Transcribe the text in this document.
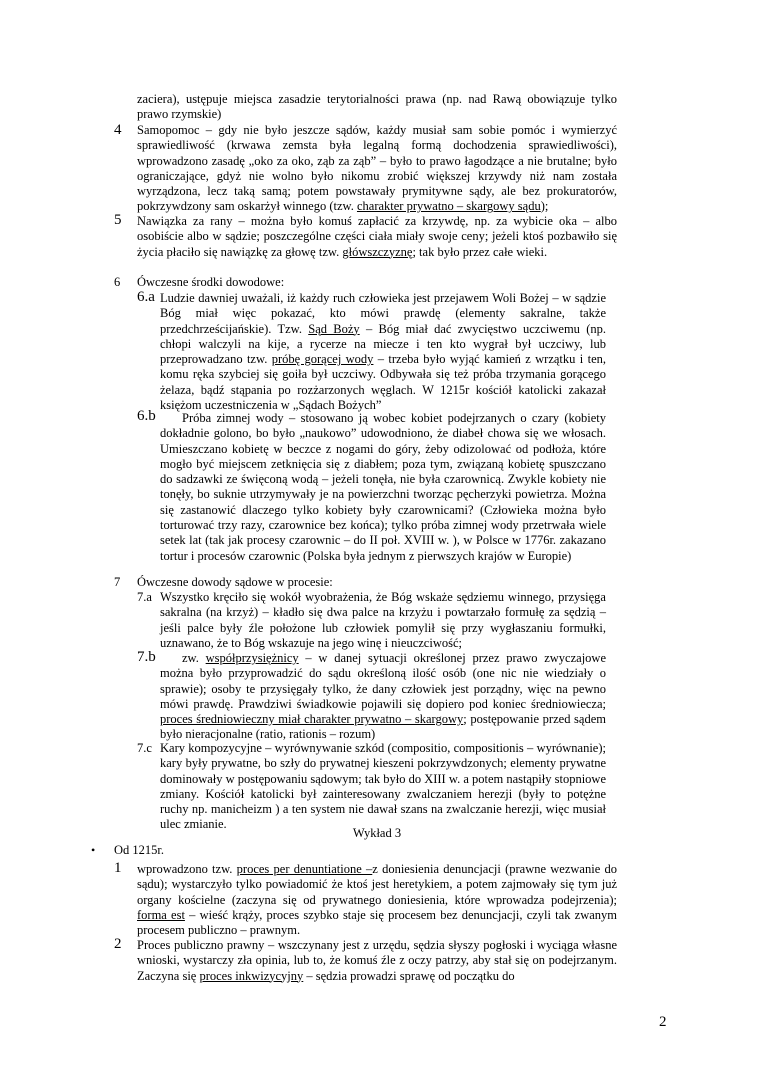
zaciera), ustępuje miejsca zasadzie terytorialności prawa (np. nad Rawą obowiązuje tylko prawo rzymskie)
4 Samopomoc – gdy nie było jeszcze sądów, każdy musiał sam sobie pomóc i wymierzyć sprawiedliwość (krwawa zemsta była legalną formą dochodzenia sprawiedliwości), wprowadzono zasadę „oko za oko, ząb za ząb” – było to prawo łagodzące a nie brutalne; było ograniczające, gdyż nie wolno było nikomu zrobić większej krzywdy niż nam została wyrządzona, lecz taką samą; potem powstawały prymitywne sądy, ale bez prokuratorów, pokrzywdzony sam oskarżył winnego (tzw. charakter prywatno – skargowy sądu);
5 Nawiązka za rany – można było komuś zapłacić za krzywdę, np. za wybicie oka – albo osobiście albo w sądzie; poszczególne części ciała miały swoje ceny; jeżeli ktoś pozbawiło się życia płaciło się nawiązkę za głowę tzw. główszczyznę; tak było przez całe wieki.
6 Ówczesne środki dowodowe:
6.a Ludzie dawniej uważali, iż każdy ruch człowieka jest przejawem Woli Bożej – w sądzie Bóg miał więc pokazać, kto mówi prawdę (elementy sakralne, także przedchrześcijańskie). Tzw. Sąd Boży – Bóg miał dać zwycięstwo uczciwemu (np. chłopi walczyli na kije, a rycerze na miecze i ten kto wygrał był uczciwy, lub przeprowadzano tzw. próbę gorącej wody – trzeba było wyjąć kamień z wrzątku i ten, komu ręka szybciej się goiła był uczciwy. Odbywała się też próba trzymania gorącego żelaza, bądź stąpania po rozżarzonych węglach. W 1215r kościół katolicki zakazał księżom uczestniczenia w „Sądach Bożych”
6.b	Próba zimnej wody – stosowano ją wobec kobiet podejrzanych o czary (kobiety dokładnie golono, bo było „naukowo” udowodniono, że diabeł chowa się we włosach. Umieszczano kobietę w beczce z nogami do góry, żeby odizolować od podłoża, które mogło być miejscem zetknięcia się z diabłem; poza tym, związaną kobietę spuszczano do sadzawki ze święconą wodą – jeżeli tonęła, nie była czarownicą. Zwykle kobiety nie tonęły, bo suknie utrzymywały je na powierzchni tworząc pęcherzyki powietrza. Można się zastanowić dlaczego tylko kobiety były czarownicami? (Człowieka można było torturować trzy razy, czarownice bez końca); tylko próba zimnej wody przetrwała wiele setek lat (tak jak procesy czarownic – do II poł. XVIII w. ), w Polsce w 1776r. zakazano tortur i procesów czarownic (Polska była jednym z pierwszych krajów w Europie)
7 Ówczesne dowody sądowe w procesie:
7.a Wszystko kręciło się wokół wyobrażenia, że Bóg wskaże sędziemu winnego, przysięga sakralna (na krzyż) – kładło się dwa palce na krzyżu i powtarzało formułę za sędzią – jeśli palce były źle położone lub człowiek pomylił się przy wygłaszaniu formułki, uznawano, że to Bóg wskazuje na jego winę i nieuczciwość;
7.b	zw. współprzysiężnicy – w danej sytuacji określonej przez prawo zwyczajowe można było przyprowadzić do sądu określoną ilość osób (one nic nie wiedziały o sprawie); osoby te przysięgały tylko, że dany człowiek jest porządny, więc na pewno mówi prawdę. Prawdziwi świadkowie pojawili się dopiero pod koniec średniowiecza; proces średniowieczny miał charakter prywatno – skargowy; postępowanie przed sądem było nieracjonalne (ratio, rationis – rozum)
7.c Kary kompozycyjne – wyrównywanie szkód (compositio, compositionis – wyrównanie); kary były prywatne, bo szły do prywatnej kieszeni pokrzywdzonych; elementy prywatne dominowały w postępowaniu sądowym; tak było do XIII w. a potem nastąpiły stopniowe zmiany. Kościół katolicki był zainteresowany zwalczaniem herezji (były to potężne ruchy np. manicheizm ) a ten system nie dawał szans na zwalczanie herezji, więc musiał ulec zmianie.
Wykład 3
• Od 1215r.
1 wprowadzono tzw. proces per denuntiatione –z doniesienia denuncjacji (prawne wezwanie do sądu); wystarczyło tylko powiadomić że ktoś jest heretykiem, a potem zajmowały się tym już organy kościelne (zaczyna się od prywatnego doniesienia, które wprowadza podejrzenia); forma est – wieść krąży, proces szybko staje się procesem bez denuncjacji, czyli tak zwanym procesem publiczno – prawnym.
2 Proces publiczno prawny – wszczynany jest z urzędu, sędzia słyszy pogłoski i wyciąga własne wnioski, wystarczy zła opinia, lub to, że komuś źle z oczy patrzy, aby stał się on podejrzanym. Zaczyna się proces inkwizycyjny – sędzia prowadzi sprawę od początku do
2
